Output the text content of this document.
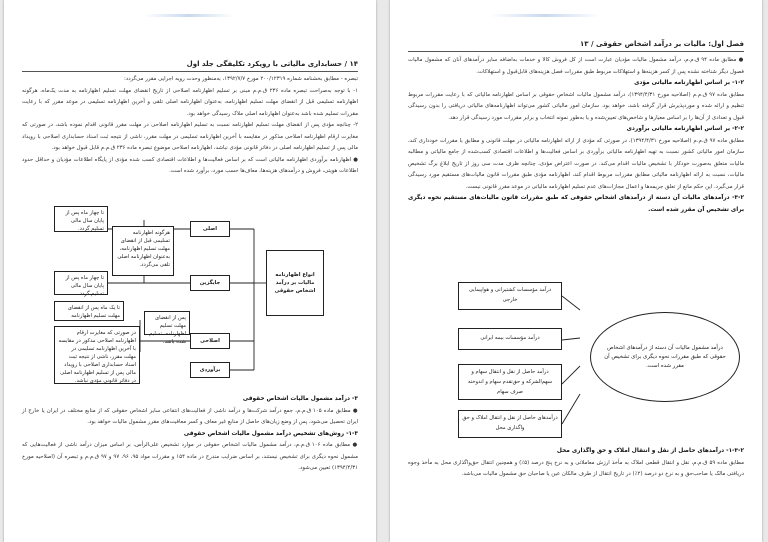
۱۴ / حسابداری مالیاتی با رویکرد تکلیفگی جلد اول

تبصره - مطابق بخشنامه شماره ۲۰۰/۱۲۳۱۹ مورخ ۱۳۹۲/۷/۷، به‌منظور وحدت رویه اجرایی مقرر می‌گردد:

۱- با توجه به‌صراحت تبصره ماده ۲۳۶ ق.م.م مبنی بر تسلیم اظهارنامه اصلاحی از تاریخ انقضای مهلت تسلیم اظهارنامه به مدت یک‌ماه، هرگونه اظهارنامه تسلیمی قبل از انقضای مهلت تسلیم اظهارنامه، به‌عنوان اظهارنامه اصلی تلقی و آخرین اظهارنامه تسلیمی در موعد مقرر که با رعایت مقررات تسلیم شده باشد به‌عنوان اظهارنامه اصلی ملاک رسیدگی خواهد بود.

۲- چنانچه مؤدی پس از انقضای مهلت تسلیم اظهارنامه نسبت به تسلیم اظهارنامه اصلاحی در مهلت مقرر قانونی اقدام نموده باشد، در صورتی که مغایرت ارقام اظهارنامه اصلاحی مذکور در مقایسه با آخرین اظهارنامه تسلیمی در مهلت مقرر، ناشی از نتیجه ثبت اسناد حسابداری اصلاحی با رویداد مالی پس از تسلیم اظهارنامه اصلی در دفاتر قانونی مؤدی نباشد، اظهارنامه اصلاحی موضوع تبصره ماده ۲۳۶ ق.م.م قابل قبول خواهد بود.

● اظهارنامه برآوردی اظهارنامه مالیاتی است که بر اساس فعالیت‌ها و اطلاعات اقتصادی کسب شده مؤدی از پایگاه اطلاعات مؤدیان و حداقل حدود اطلاعات هویتی، فروش و درآمدهای هزینه‌ها، معاف‌ها حسب مورد، برآورد شده است.

تا چهار ماه پس از پایان سال مالی تسلیم گردد.	اصلی
هرگونه اظهارنامه تسلیمی قبل از انقضای مهلت تسلیم اظهارنامه، به‌عنوان اظهارنامه اصلی تلقی می‌گردد.
جایگزین
تا چهار ماه پس از پایان سال مالی تسلیم گردد.
انواع اظهارنامه مالیات بر درآمد اشخاص حقوقی
تا یک ماه پس از انقضای مهلت تسلیم اظهارنامه	پس از انقضای مهلت تسلیم اظهارنامه، تسلیم شده باشد.	اصلاحی
در صورتی که مغایرت ارقام اظهارنامه اصلاحی مذکور در مقایسه با آخرین اظهارنامه تسلیمی در مهلت مقرر، ناشی از نتیجه ثبت اسناد حسابداری اصلاحی با رویداد مالی پس از تسلیم اظهارنامه اصلی در دفاتر قانونی مؤدی نباشد.
برآوردی

۳- درآمد مشمول مالیات اشخاص حقوقی

● مطابق ماده ۱۰۵ ق.م.م، جمع درآمد شرکت‌ها و درآمد ناشی از فعالیت‌های انتفاعی سایر اشخاص حقوقی که از منابع مختلف در ایران یا خارج از ایران تحصیل می‌شود، پس از وضع زیان‌های حاصل از منابع غیر معاف و کسر معافیت‌های مقرر مشمول مالیات خواهد بود.

۱-۳- روش‌های تشخیص درآمد مشمول مالیات اشخاص حقوقی

● مطابق ماده ۱۰۶ ق.م.م، درآمد مشمول مالیات اشخاص حقوقی در موارد تشخیص علی‌الرأس، بر اساس میزان درآمد ناشی از فعالیت‌هایی که مشمول نحوه دیگری برای تشخیص نیستند، بر اساس ضرایب مندرج در ماده ۱۵۴ و مقررات مواد ۹۵، ۹۶، ۹۷ و ۹۷ ق.م.م و تبصره آن (اصلاحیه مورخ ۱۳۹۴/۴/۳۱) تعیین می‌شود.

فصل اول: مالیات بر درآمد اشخاص حقوقی / ۱۳

● مطابق ماده ۹۴ ق.م.م، درآمد مشمول مالیات مؤدیان عبارت است از کل فروش کالا و خدمات به‌اضافه سایر درآمدهای آنان که مشمول مالیات فصول دیگر شناخته نشده پس از کسر هزینه‌ها و استهلاکات مربوط طبق مقررات فصل هزینه‌های قابل‌قبول و استهلاکات.

۱-۲- بر اساس اظهارنامه مالیاتی مؤدی

مطابق ماده ۹۷ ق.م.م (اصلاحیه مورخ ۱۳۹۴/۴/۳۱)، درآمد مشمول مالیات اشخاص حقوقی بر اساس اظهارنامه مالیاتی که با رعایت مقررات مربوط تنظیم و ارائه شده و مورد‌پذیرش قرار گرفته باشد، خواهد بود. سازمان امور مالیاتی کشور می‌تواند اظهارنامه‌های مالیاتی دریافتی را بدون رسیدگی قبول و تعدادی از آن‌ها را بر اساس معیارها و شاخص‌های تعیین‌شده و یا به‌طور نمونه انتخاب و برابر مقررات مورد رسیدگی قرار دهد.

۲-۲- بر اساس اظهارنامه مالیاتی برآوردی

مطابق ماده ۹۷ ق.م.م (اصلاحیه مورخ ۱۳۹۴/۴/۳۱)، در صورتی که مؤدی از ارائه اظهارنامه مالیاتی در مهلت قانونی و مطابق با مقررات خودداری کند، سازمان امور مالیاتی کشور نسبت به تهیه اظهارنامه مالیاتی برآوردی بر اساس فعالیت‌ها و اطلاعات اقتصادی کسب‌شده از جامع مالیاتی و مطالبه مالیات متعلق به‌صورت خودکار با تشخیص مالیات اقدام می‌کند. در صورت اعتراض مؤدی، چنانچه ظرف مدت سی روز از تاریخ ابلاغ برگ تشخیص مالیات، نسبت به ارائه اظهارنامه مالیاتی مطابق مقررات مربوط اقدام کند، اظهارنامه مؤدی طبق مقررات قانون مالیات‌های مستقیم مورد رسیدگی قرار می‌گیرد. این حکم مانع از تعلق جریمه‌ها و اعمال مجازات‌های عدم تسلیم اظهارنامه مالیاتی در موعد مقرر قانونی نیست.

۳-۲- درآمدهای مالیات آن دسته از درآمدهای اشخاص حقوقی که طبق مقررات قانون مالیات‌های مستقیم نحوه دیگری برای تشخیص آن مقرر شده است.

درآمد مشمول مالیات آن دسته از درآمدهای اشخاص حقوقی که طبق مقررات نحوه دیگری برای تشخیص آن مقرر شده است.
درآمد مؤسسات کشتیرانی و هواپیمایی خارجی
درآمد مؤسسات بیمه ایرانی
درآمد حاصل از نقل و انتقال سهام و سهم‌الشرکه و حق‌تقدم سهام و اندوخته صرف سهام
درآمدهای حاصل از نقل و انتقال املاک و حق واگذاری محل

۱-۳-۲- درآمدهای حاصل از نقل و انتقال املاک و حق واگذاری محل

مطابق ماده ۵۹ ق.م.م، نقل و انتقال قطعی املاک به مأخذ ارزش معاملاتی و به نرخ پنج درصد (۵٪) و همچنین انتقال حق‌واگذاری محل به مأخذ وجوه دریافتی مالک یا صاحب‌حق و به نرخ دو درصد (۲٪) در تاریخ انتقال از طرف مالکان عین یا صاحبان حق مشمول مالیات می‌باشد.
